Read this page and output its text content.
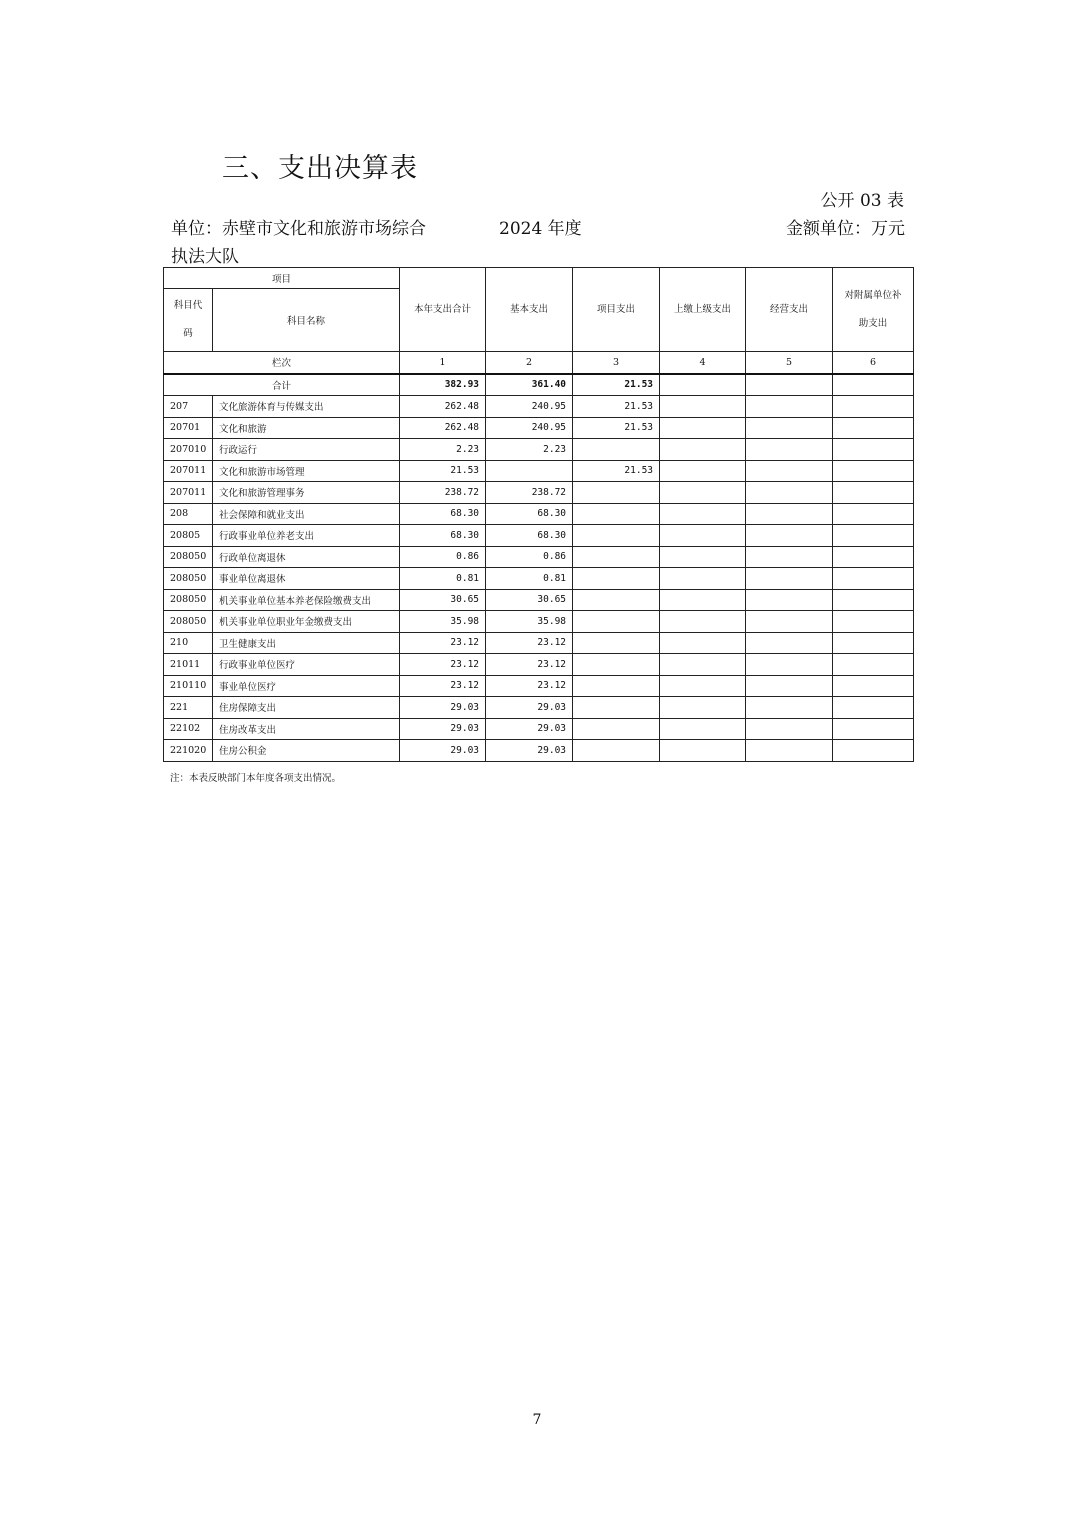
三、支出决算表
公开 03 表
单位：赤壁市文化和旅游市场综合	2024 年度	金额单位：万元
执法大队
项目		本年支出合计	基本支出	项目支出	上缴上级支出	经营支出	对附属单位补助支出
科目代码	科目名称						
栏次		1	2	3	4	5	6
合计		382.93	361.40	21.53			
207	文化旅游体育与传媒支出	262.48	240.95	21.53			
20701	文化和旅游	262.48	240.95	21.53			
207010	行政运行	2.23	2.23				
207011	文化和旅游市场管理	21.53		21.53			
207011	文化和旅游管理事务	238.72	238.72				
208	社会保障和就业支出	68.30	68.30				
20805	行政事业单位养老支出	68.30	68.30				
208050	行政单位离退休	0.86	0.86				
208050	事业单位离退休	0.81	0.81				
208050	机关事业单位基本养老保险缴费支出	30.65	30.65				
208050	机关事业单位职业年金缴费支出	35.98	35.98				
210	卫生健康支出	23.12	23.12				
21011	行政事业单位医疗	23.12	23.12				
210110	事业单位医疗	23.12	23.12				
221	住房保障支出	29.03	29.03				
22102	住房改革支出	29.03	29.03				
221020	住房公积金	29.03	29.03				
注：本表反映部门本年度各项支出情况。
7
